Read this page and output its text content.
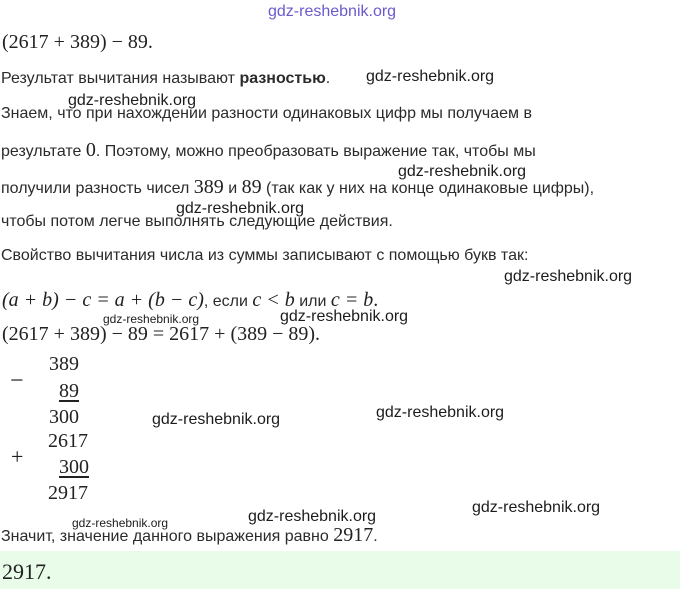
gdz-reshebnik.org
gdz-reshebnik.org
gdz-reshebnik.org
gdz-reshebnik.org
gdz-reshebnik.org
gdz-reshebnik.org
gdz-reshebnik.org	gdz-reshebnik.org
gdz-reshebnik.org
gdz-reshebnik.org
gdz-reshebnik.org
gdz-reshebnik.org
gdz-reshebnik.org
(2617 + 389) − 89.
Результат вычитания называют разностью.
Знаем, что при нахождении разности одинаковых цифр мы получаем в
результате 0. Поэтому, можно преобразовать выражение так, чтобы мы
получили разность чисел 389 и 89 (так как у них на конце одинаковые цифры),
чтобы потом легче выполнять следующие действия.
Свойство вычитания числа из суммы записывают с помощью букв так:
(a + b) − c = a + (b − c), если c < b или c = b.
(2617 + 389) − 89 = 2617 + (389 − 89).
−
389
89
300
+
2617
300
2917
Значит, значение данного выражения равно 2917.
2917.
